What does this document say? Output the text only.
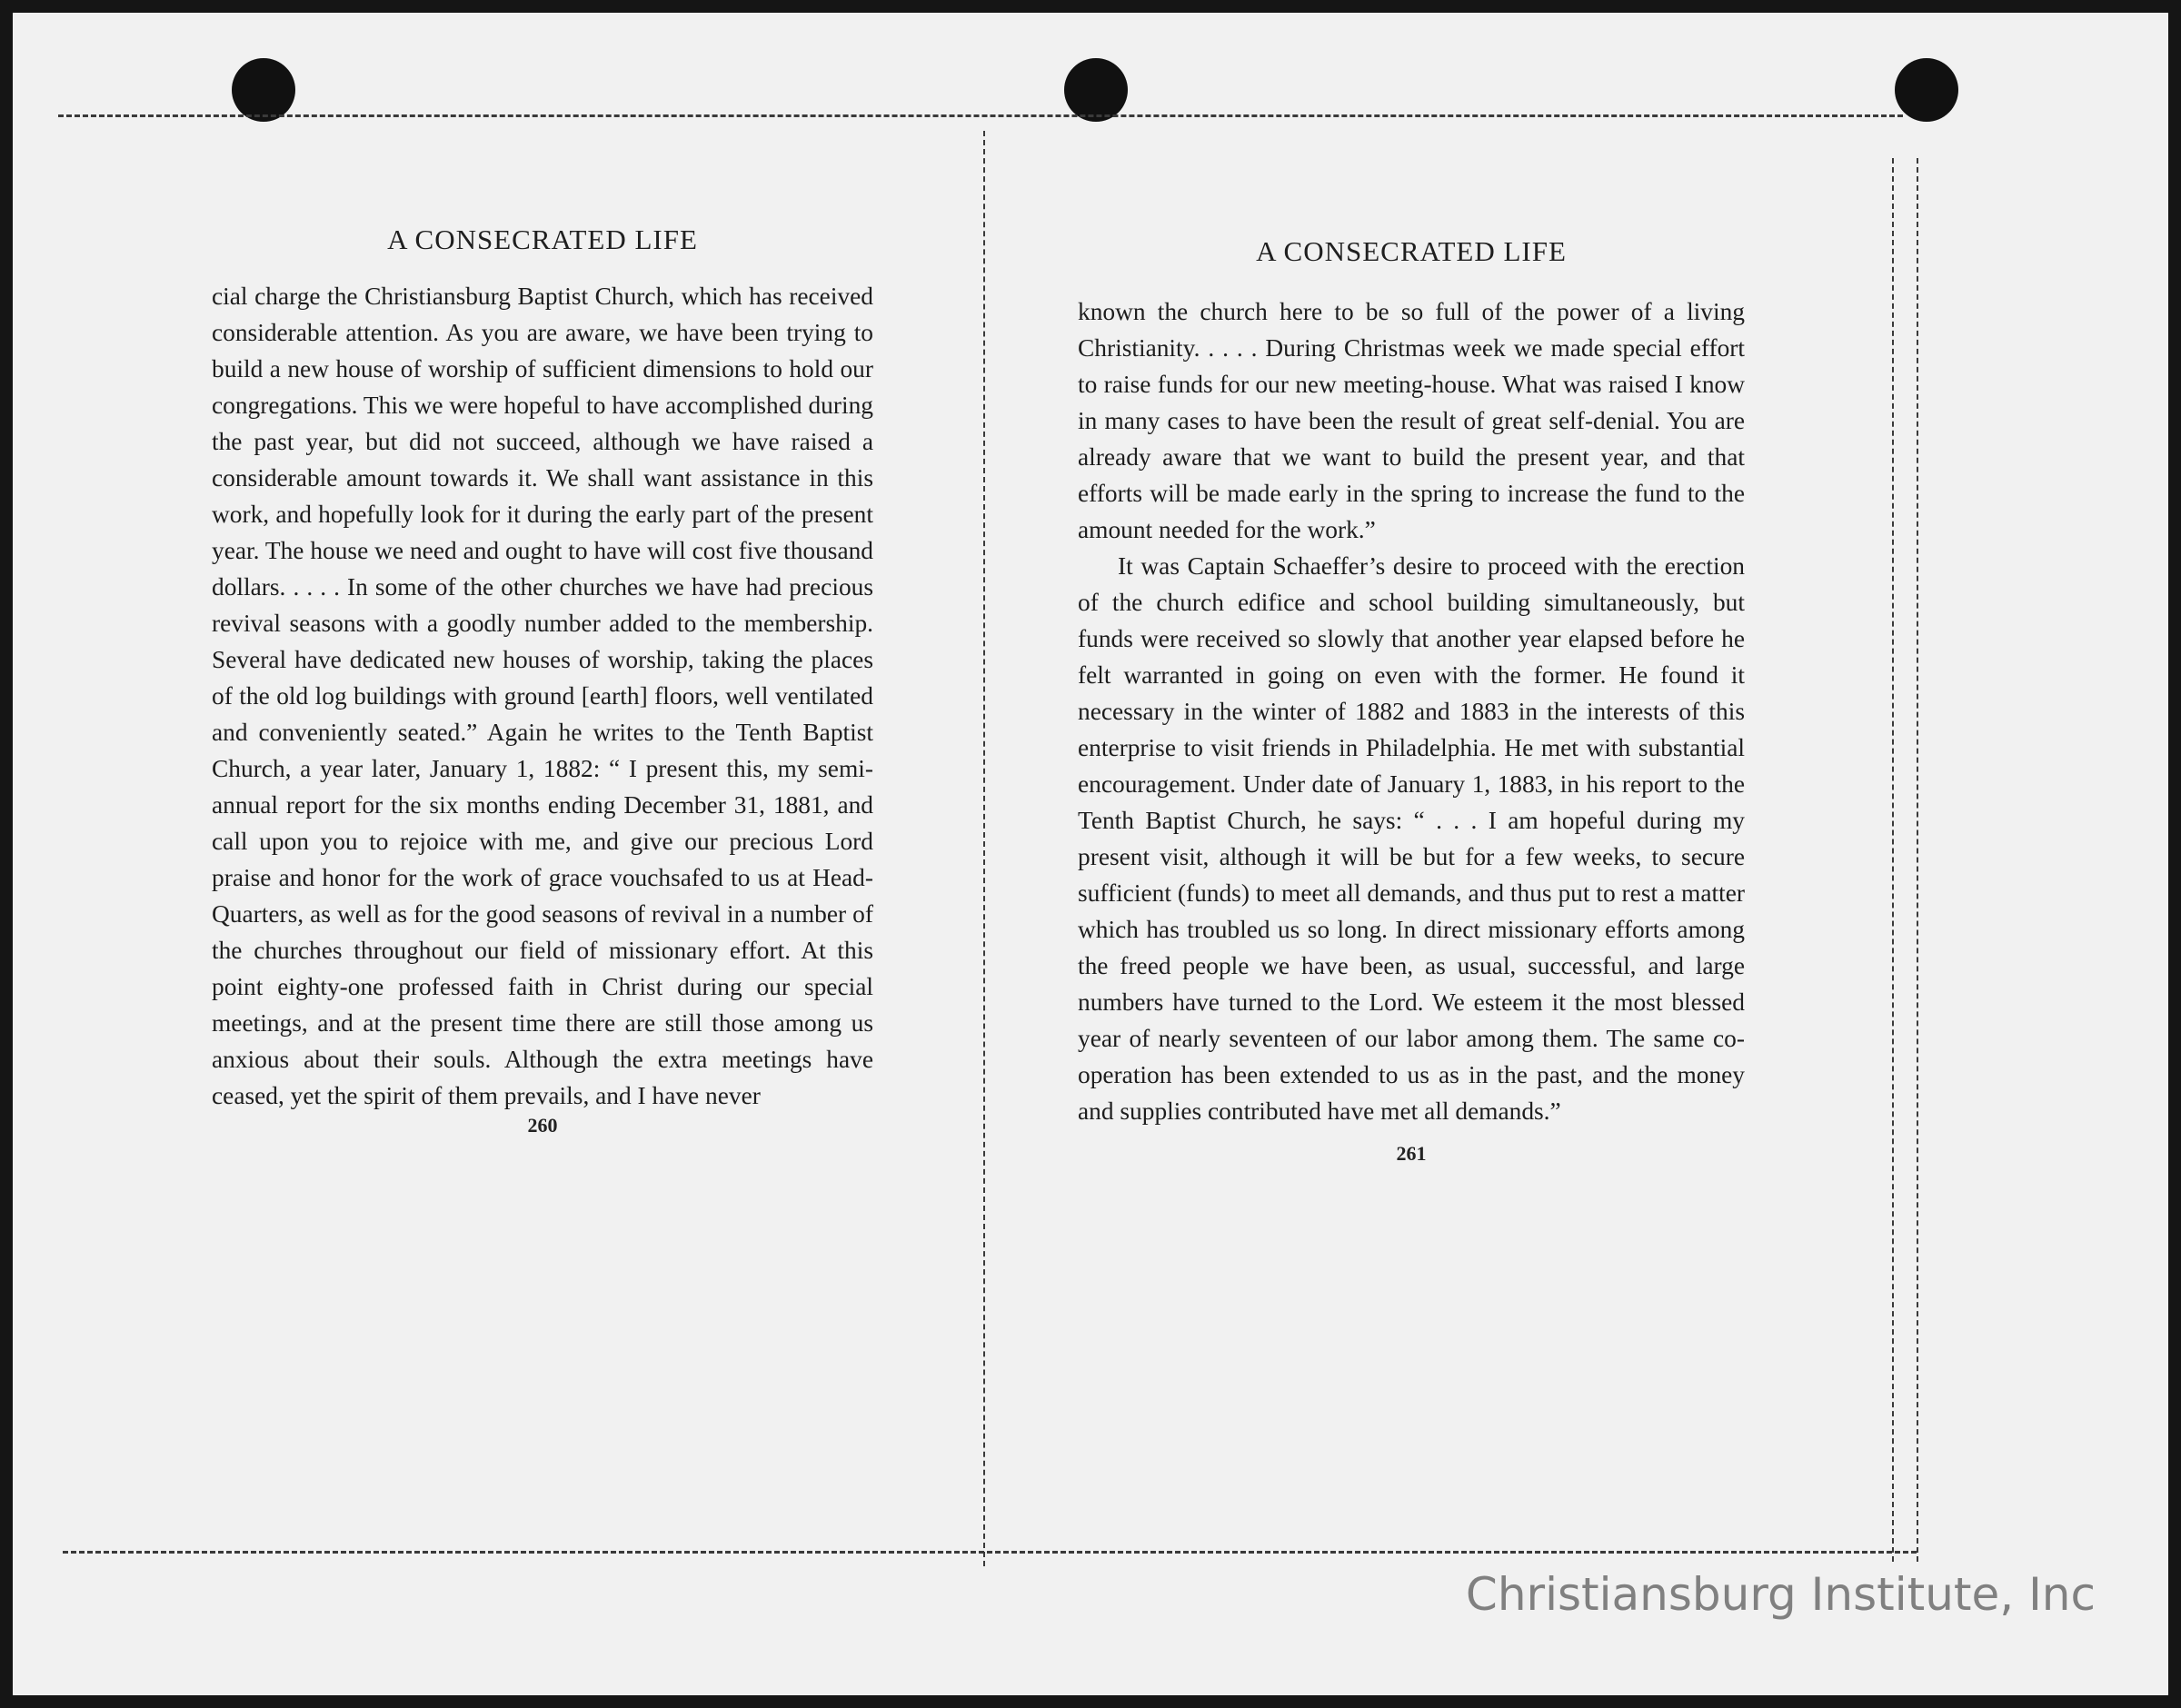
A CONSECRATED LIFE

cial charge the Christiansburg Baptist Church, which has received considerable attention. As you are aware, we have been trying to build a new house of worship of sufficient dimensions to hold our congregations. This we were hopeful to have accomplished during the past year, but did not succeed, although we have raised a considerable amount towards it. We shall want assistance in this work, and hopefully look for it during the early part of the present year. The house we need and ought to have will cost five thousand dollars. . . . . In some of the other churches we have had precious revival seasons with a goodly number added to the membership. Several have dedicated new houses of worship, taking the places of the old log buildings with ground [earth] floors, well ventilated and conveniently seated.” Again he writes to the Tenth Baptist Church, a year later, January 1, 1882: “ I present this, my semi-annual report for the six months ending December 31, 1881, and call upon you to rejoice with me, and give our precious Lord praise and honor for the work of grace vouchsafed to us at Head-Quarters, as well as for the good seasons of revival in a number of the churches throughout our field of missionary effort. At this point eighty-one professed faith in Christ during our special meetings, and at the present time there are still those among us anxious about their souls. Although the extra meetings have ceased, yet the spirit of them prevails, and I have never

260
A CONSECRATED LIFE

known the church here to be so full of the power of a living Christianity. . . . . During Christmas week we made special effort to raise funds for our new meeting-house. What was raised I know in many cases to have been the result of great self-denial. You are already aware that we want to build the present year, and that efforts will be made early in the spring to increase the fund to the amount needed for the work.”

It was Captain Schaeffer’s desire to proceed with the erection of the church edifice and school building simultaneously, but funds were received so slowly that another year elapsed before he felt warranted in going on even with the former. He found it necessary in the winter of 1882 and 1883 in the interests of this enterprise to visit friends in Philadelphia. He met with substantial encouragement. Under date of January 1, 1883, in his report to the Tenth Baptist Church, he says: “ . . . I am hopeful during my present visit, although it will be but for a few weeks, to secure sufficient (funds) to meet all demands, and thus put to rest a matter which has troubled us so long. In direct missionary efforts among the freed people we have been, as usual, successful, and large numbers have turned to the Lord. We esteem it the most blessed year of nearly seventeen of our labor among them. The same co-operation has been extended to us as in the past, and the money and supplies contributed have met all demands.”

261
Christiansburg Institute, Inc
